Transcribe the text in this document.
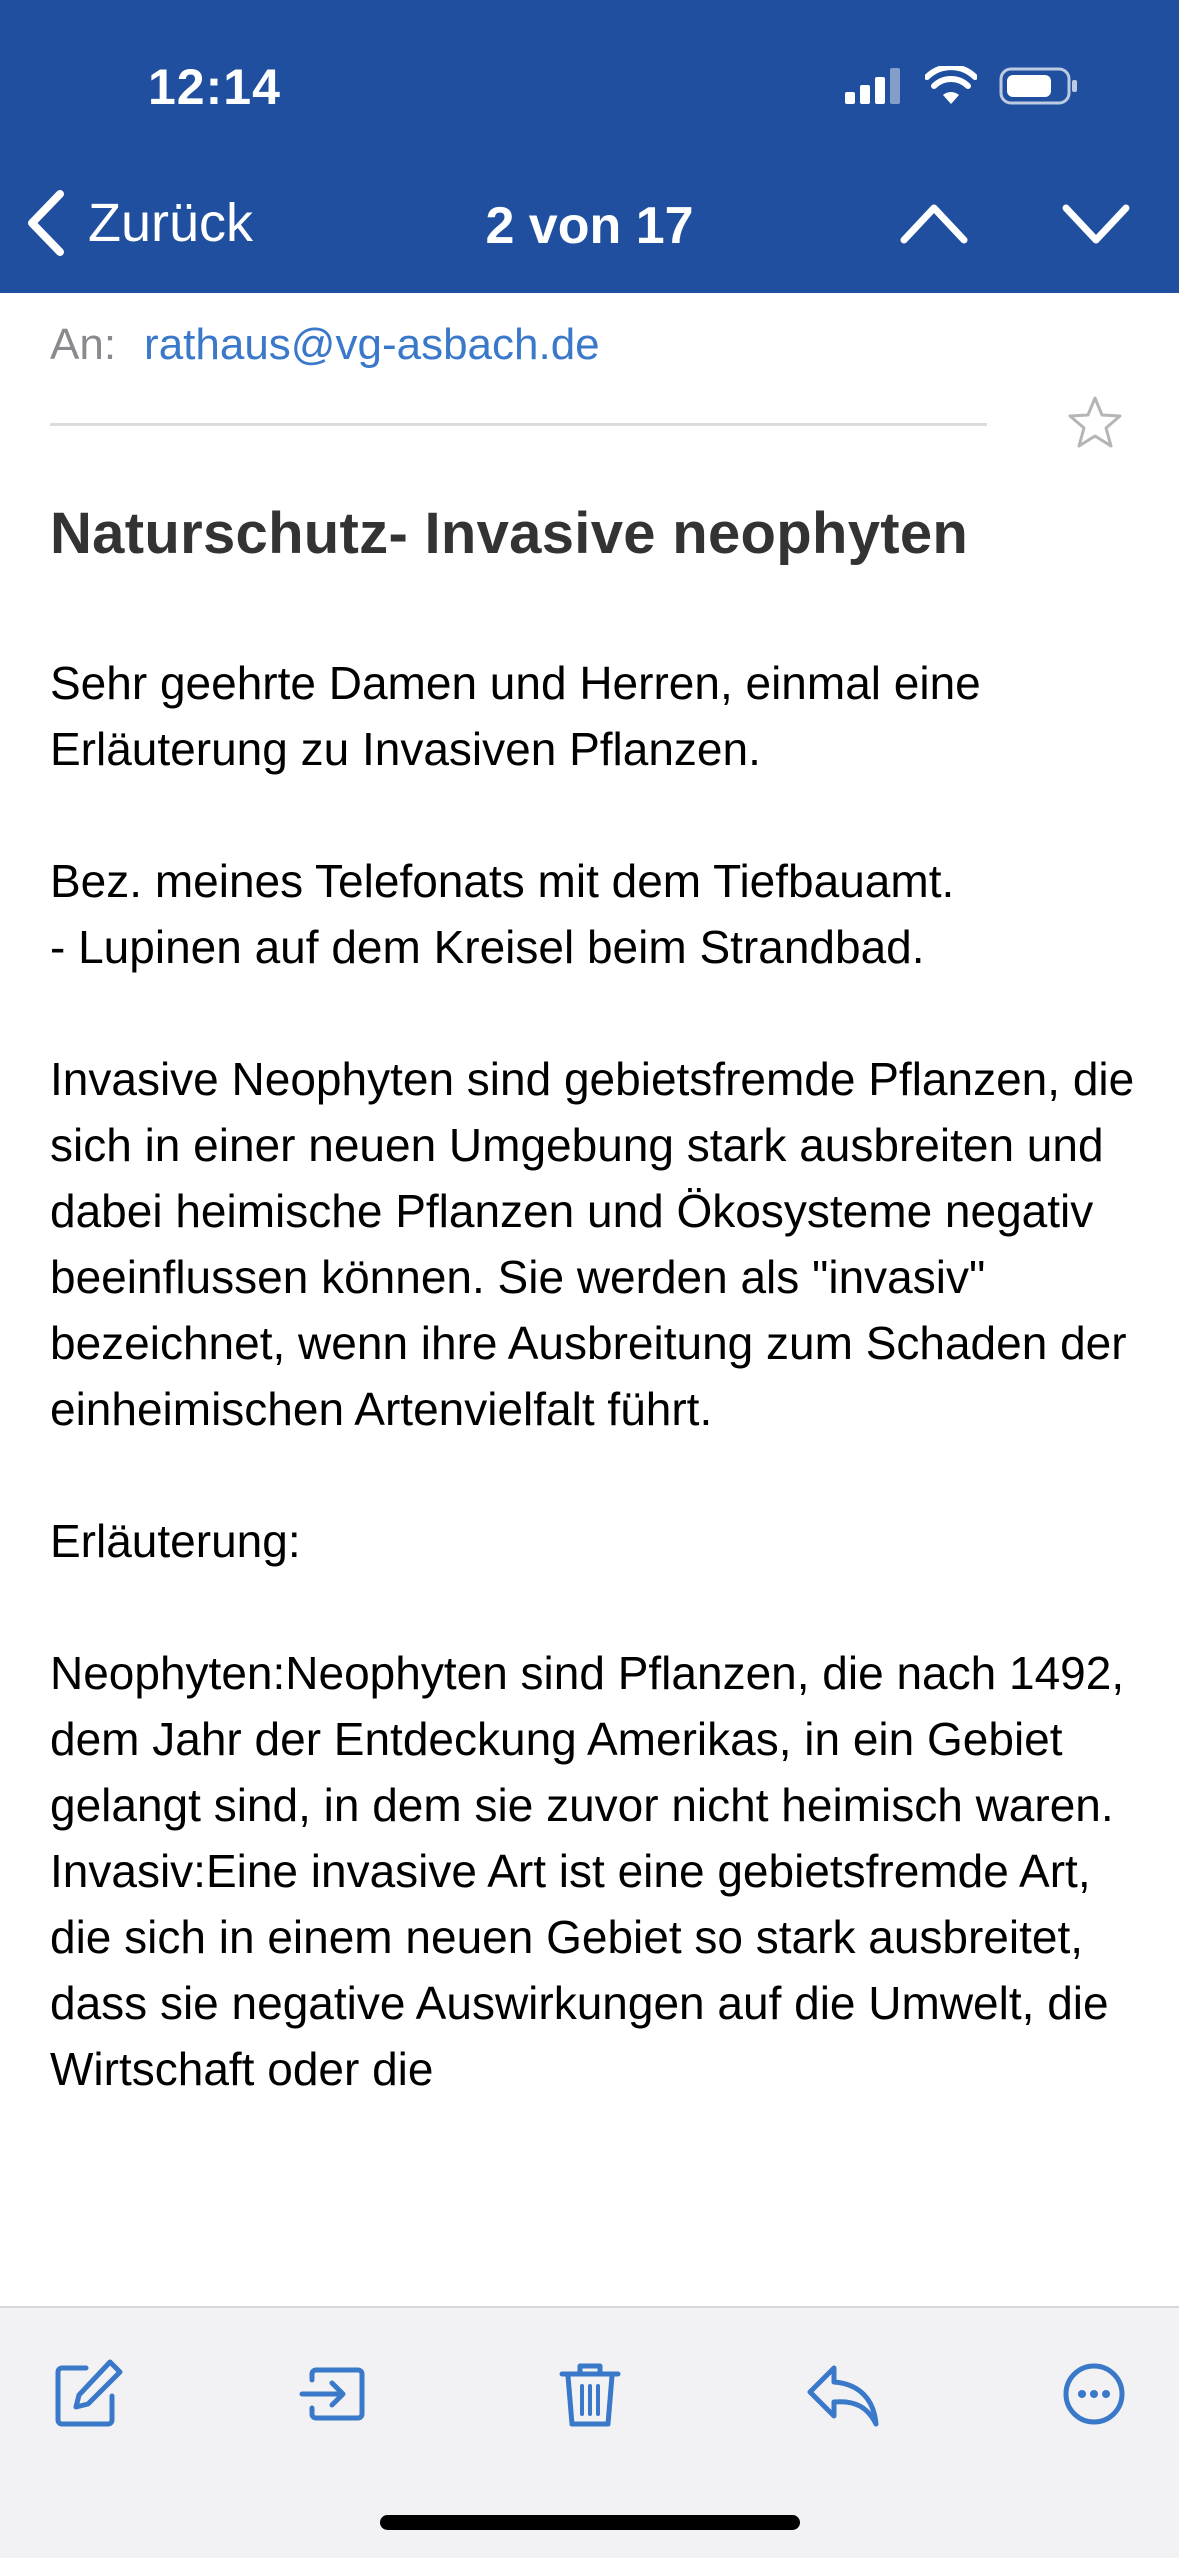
12:14
Zurück	2 von 17
An: rathaus@vg-asbach.de
Naturschutz- Invasive neophyten

Sehr geehrte Damen und Herren, einmal eine Erläuterung zu Invasiven Pflanzen.

Bez. meines Telefonats mit dem Tiefbauamt.
- Lupinen auf dem Kreisel beim Strandbad.

Invasive Neophyten sind gebietsfremde Pflanzen, die sich in einer neuen Umgebung stark ausbreiten und dabei heimische Pflanzen und Ökosysteme negativ beeinflussen können. Sie werden als "invasiv" bezeichnet, wenn ihre Ausbreitung zum Schaden der einheimischen Artenvielfalt führt.

Erläuterung:

Neophyten:Neophyten sind Pflanzen, die nach 1492, dem Jahr der Entdeckung Amerikas, in ein Gebiet gelangt sind, in dem sie zuvor nicht heimisch waren. Invasiv:Eine invasive Art ist eine gebietsfremde Art, die sich in einem neuen Gebiet so stark ausbreitet, dass sie negative Auswirkungen auf die Umwelt, die Wirtschaft oder die
